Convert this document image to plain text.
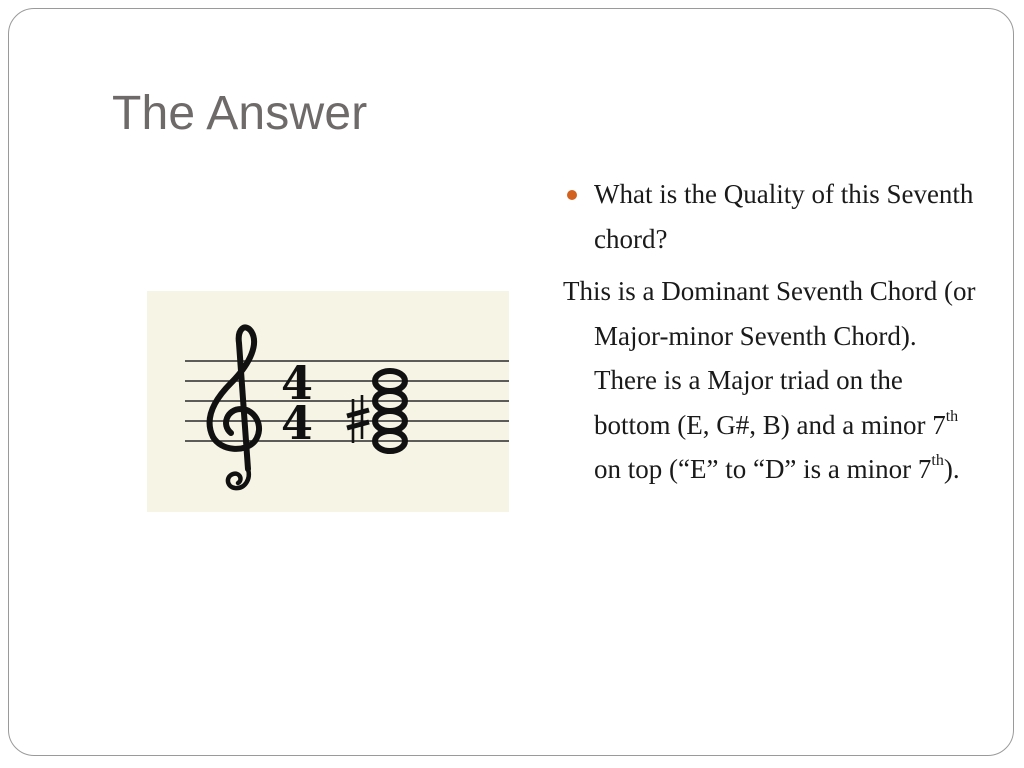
The Answer
4
4
What is the Quality of this Seventh chord?
This is a Dominant Seventh Chord (or Major-minor Seventh Chord). There is a Major triad on the bottom (E, G#, B) and a minor 7th on top (“E” to “D” is a minor 7th).
